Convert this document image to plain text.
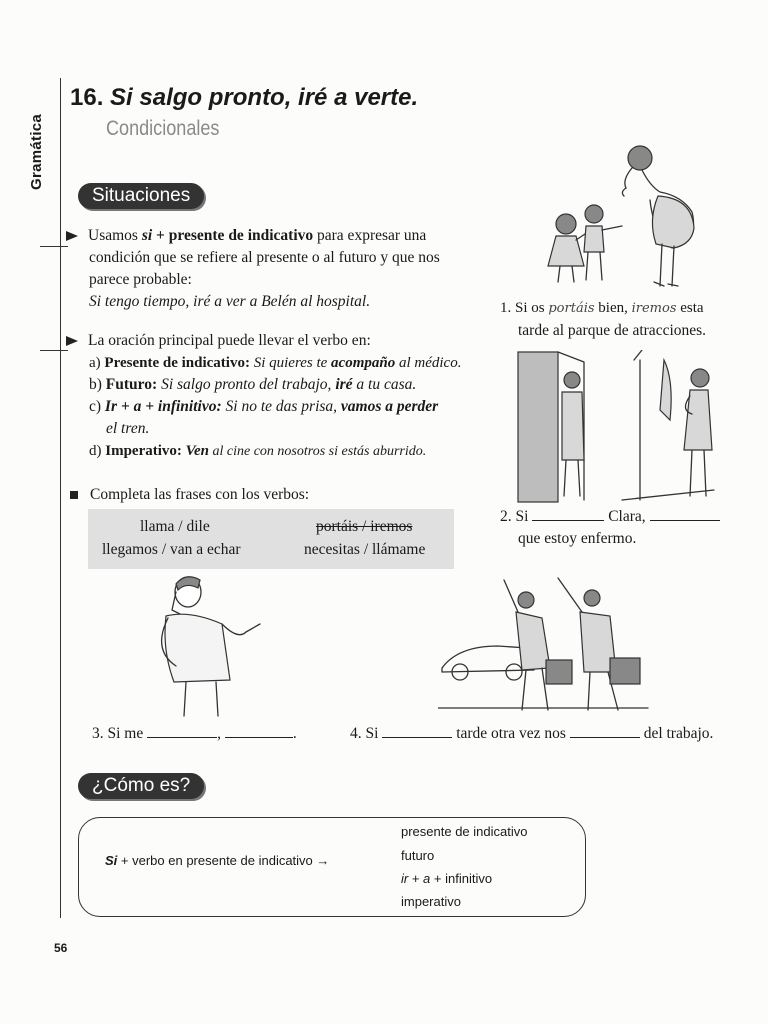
Gramática
16. Si salgo pronto, iré a verte.
Condicionales
Situaciones
Usamos si + presente de indicativo para expresar una
condición que se refiere al presente o al futuro y que nos
parece probable:
Si tengo tiempo, iré a ver a Belén al hospital.
La oración principal puede llevar el verbo en:
a) Presente de indicativo: Si quieres te acompaño al médico.
b) Futuro: Si salgo pronto del trabajo, iré a tu casa.
c) Ir + a + infinitivo: Si no te das prisa, vamos a perder
el tren.
d) Imperativo: Ven al cine con nosotros si estás aburrido.
Completa las frases con los verbos:
llama / dile	portáis / iremos
llegamos / van a echar	necesitas / llámame
1. Si os portáis bien, iremos esta
tarde al parque de atracciones.
2. Si	Clara,
que estoy enfermo.
3. Si me	,	.	4. Si	tarde otra vez nos	del trabajo.
¿Cómo es?
Si + verbo en presente de indicativo →
presente de indicativo
futuro
ir + a + infinitivo
imperativo
56
